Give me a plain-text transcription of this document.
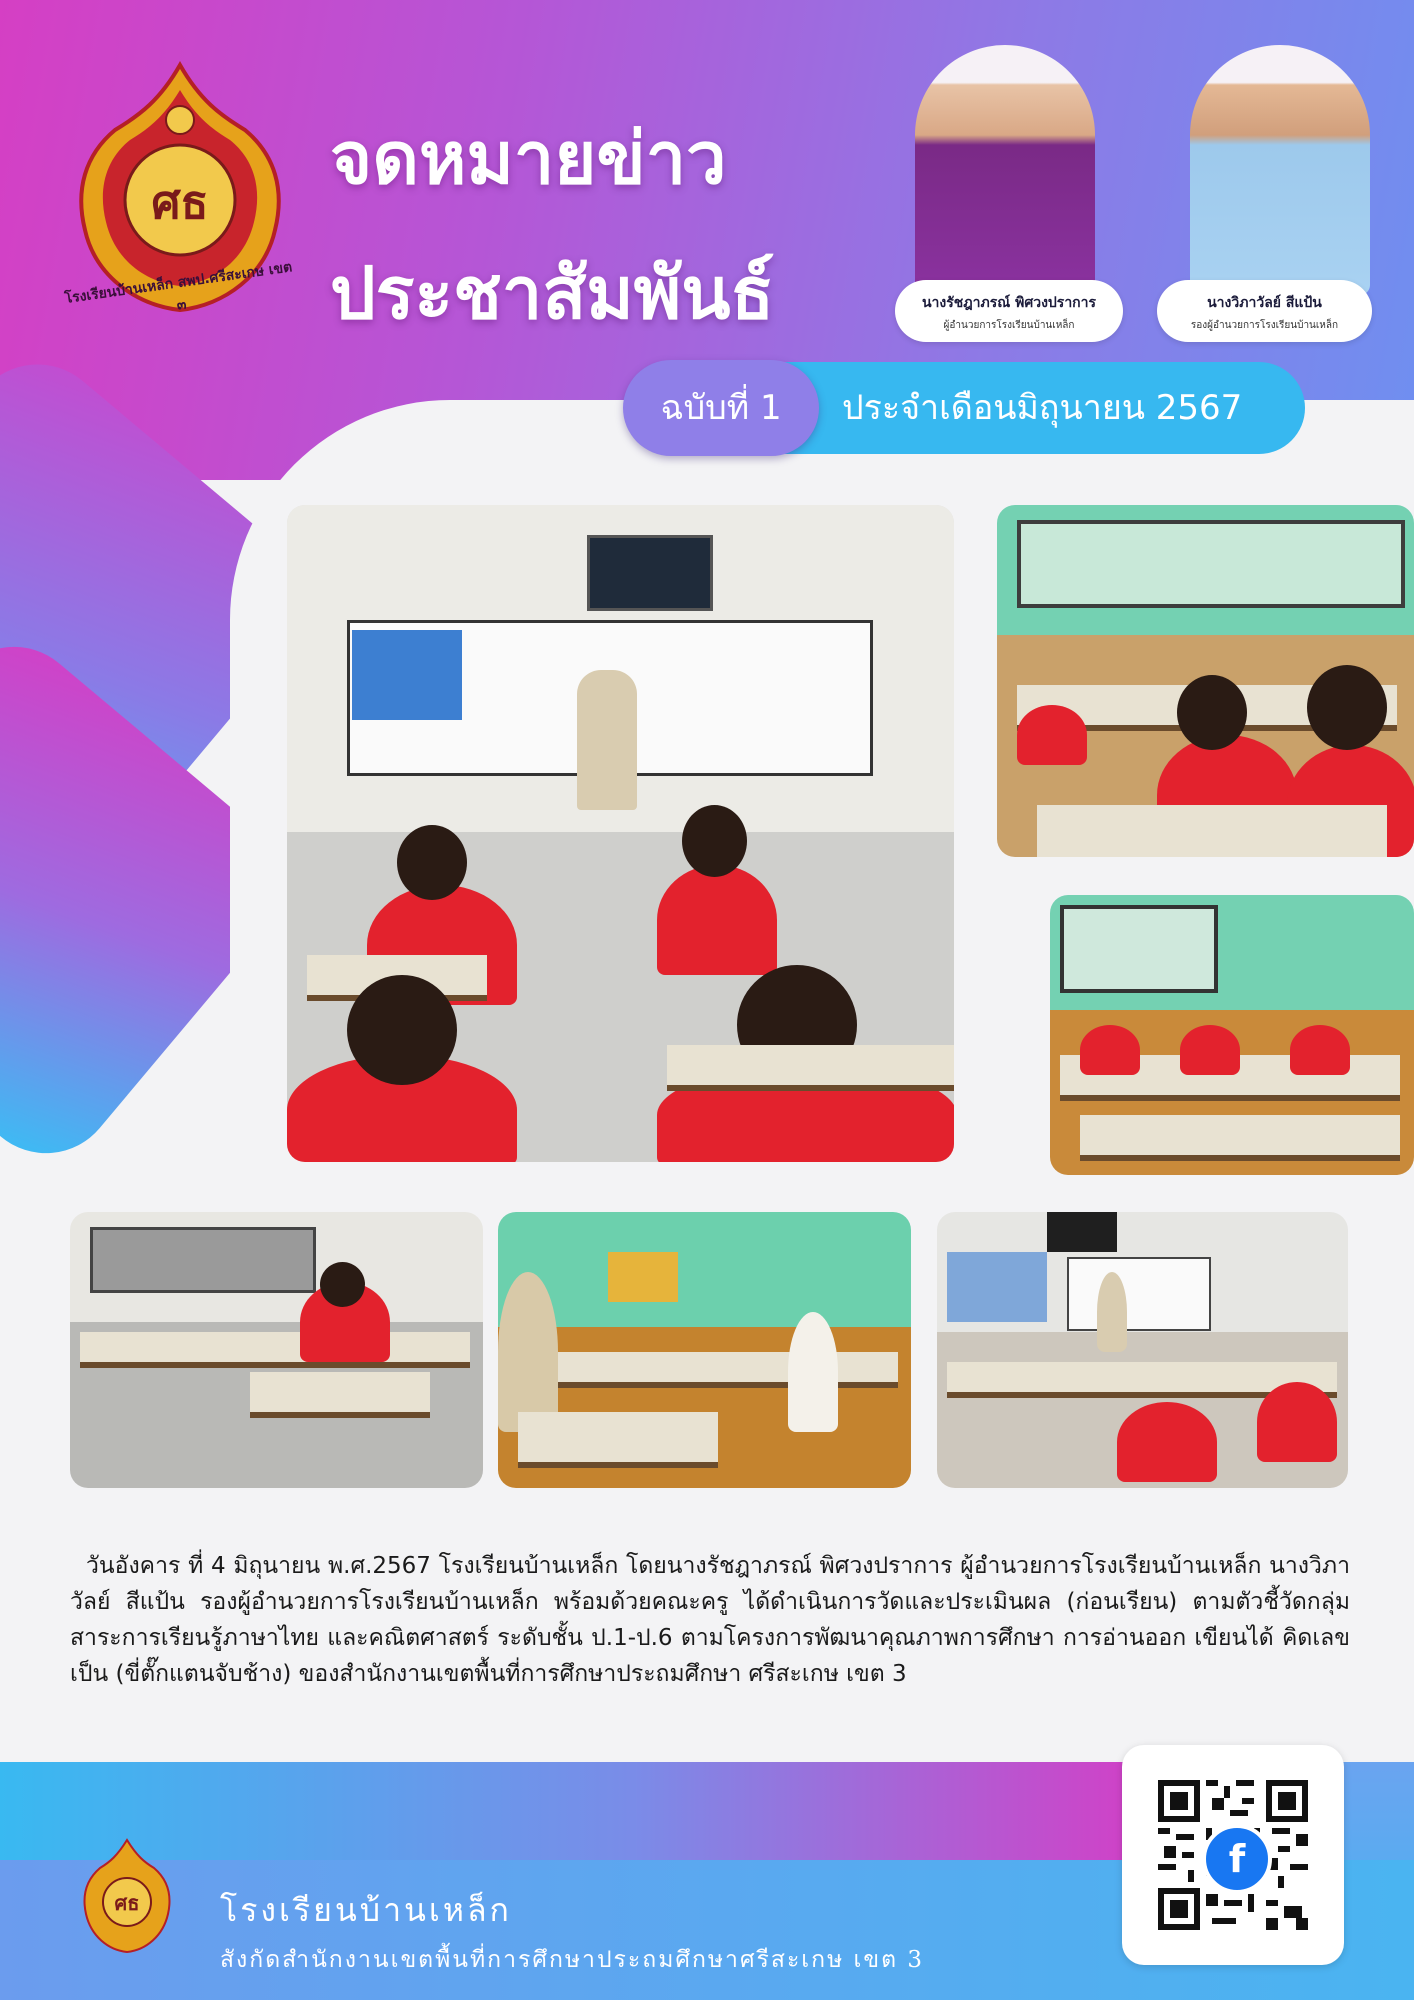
ศธ
โรงเรียนบ้านเหล็ก สพป.ศรีสะเกษ เขต ๓
จดหมายข่าว
ประชาสัมพันธ์	นางรัชฎาภรณ์ พิศวงปราการ
ผู้อำนวยการโรงเรียนบ้านเหล็ก
นางวิภาวัลย์ สีแป้น
รองผู้อำนวยการโรงเรียนบ้านเหล็ก
ประจำเดือนมิถุนายน 2567
ฉบับที่ 1

วันอังคาร ที่ 4 มิถุนายน พ.ศ.2567 โรงเรียนบ้านเหล็ก โดยนางรัชฎาภรณ์ พิศวงปราการ ผู้อำนวยการโรงเรียนบ้านเหล็ก นางวิภาวัลย์ สีแป้น รองผู้อำนวยการโรงเรียนบ้านเหล็ก พร้อมด้วยคณะครู ได้ดำเนินการวัดและประเมินผล (ก่อนเรียน) ตามตัวชี้วัดกลุ่มสาระการเรียนรู้ภาษาไทย และคณิตศาสตร์ ระดับชั้น ป.1-ป.6 ตามโครงการพัฒนาคุณภาพการศึกษา การอ่านออก เขียนได้ คิดเลขเป็น (ขี่ตั๊กแตนจับช้าง) ของสำนักงานเขตพื้นที่การศึกษาประถมศึกษา ศรีสะเกษ เขต 3

ศธ	โรงเรียนบ้านเหล็ก
สังกัดสำนักงานเขตพื้นที่การศึกษาประถมศึกษาศรีสะเกษ เขต 3
f
